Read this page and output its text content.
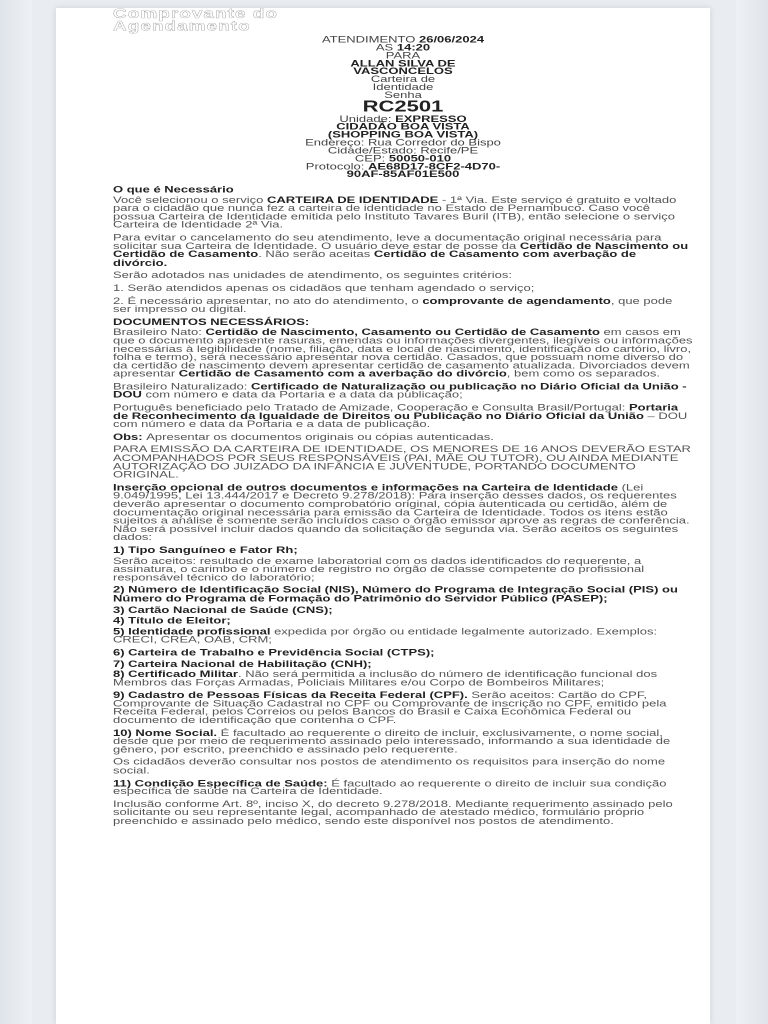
Comprovante do
Agendamento
ATENDIMENTO 26/06/2024
AS 14:20
PARA
ALLAN SILVA DE
VASCONCELOS
Carteira de
Identidade
Senha
RC2501
Unidade: EXPRESSO
CIDADÃO BOA VISTA
(SHOPPING BOA VISTA)
Endereço: Rua Corredor do Bispo
Cidade/Estado: Recife/PE
CEP: 50050-010
Protocolo: AE68D17-8CF2-4D70-
90AF-85AF01E500
O que é Necessário

Você selecionou o serviço CARTEIRA DE IDENTIDADE - 1ª Via. Este serviço é gratuito e voltado para o cidadão que nunca fez a carteira de identidade no Estado de Pernambuco. Caso você possua Carteira de Identidade emitida pelo Instituto Tavares Buril (ITB), então selecione o serviço Carteira de Identidade 2ª Via.

Para evitar o cancelamento do seu atendimento, leve a documentação original necessária para solicitar sua Carteira de Identidade. O usuário deve estar de posse da Certidão de Nascimento ou Certidão de Casamento. Não serão aceitas Certidão de Casamento com averbação de divórcio.

Serão adotados nas unidades de atendimento, os seguintes critérios:

1. Serão atendidos apenas os cidadãos que tenham agendado o serviço;

2. É necessário apresentar, no ato do atendimento, o comprovante de agendamento, que pode ser impresso ou digital.

DOCUMENTOS NECESSÁRIOS:

Brasileiro Nato: Certidão de Nascimento, Casamento ou Certidão de Casamento em casos em que o documento apresente rasuras, emendas ou informações divergentes, ilegíveis ou informações necessárias à legibilidade (nome, filiação, data e local de nascimento, identificação do cartório, livro, folha e termo), será necessário apresentar nova certidão. Casados, que possuam nome diverso do da certidão de nascimento devem apresentar certidão de casamento atualizada. Divorciados devem apresentar Certidão de Casamento com a averbação do divórcio, bem como os separados.

Brasileiro Naturalizado: Certificado de Naturalização ou publicação no Diário Oficial da União - DOU com número e data da Portaria e a data da publicação;

Português beneficiado pelo Tratado de Amizade, Cooperação e Consulta Brasil/Portugal: Portaria de Reconhecimento da Igualdade de Direitos ou Publicação no Diário Oficial da União – DOU com número e data da Portaria e a data de publicação.

Obs: Apresentar os documentos originais ou cópias autenticadas.

PARA EMISSÃO DA CARTEIRA DE IDENTIDADE, OS MENORES DE 16 ANOS DEVERÃO ESTAR ACOMPANHADOS POR SEUS RESPONSÁVEIS (PAI, MÃE OU TUTOR), OU AINDA MEDIANTE AUTORIZAÇÃO DO JUIZADO DA INFÂNCIA E JUVENTUDE, PORTANDO DOCUMENTO ORIGINAL.

Inserção opcional de outros documentos e informações na Carteira de Identidade (Lei 9.049/1995, Lei 13.444/2017 e Decreto 9.278/2018): Para inserção desses dados, os requerentes deverão apresentar o documento comprobatório original, cópia autenticada ou certidão, além de documentação original necessária para emissão da Carteira de Identidade. Todos os itens estão sujeitos a análise e somente serão incluídos caso o órgão emissor aprove as regras de conferência. Não será possível incluir dados quando da solicitação de segunda via. Serão aceitos os seguintes dados:

1) Tipo Sanguíneo e Fator Rh;

Serão aceitos: resultado de exame laboratorial com os dados identificados do requerente, a assinatura, o carimbo e o número de registro no órgão de classe competente do profissional responsável técnico do laboratório;

2) Número de Identificação Social (NIS), Número do Programa de Integração Social (PIS) ou Número do Programa de Formação do Patrimônio do Servidor Público (PASEP);
3) Cartão Nacional de Saúde (CNS);
4) Título de Eleitor;

5) Identidade profissional expedida por órgão ou entidade legalmente autorizado. Exemplos: CRECI, CREA, OAB, CRM;

6) Carteira de Trabalho e Previdência Social (CTPS);
7) Carteira Nacional de Habilitação (CNH);

8) Certificado Militar. Não será permitida a inclusão do número de identificação funcional dos Membros das Forças Armadas, Policiais Militares e/ou Corpo de Bombeiros Militares;

9) Cadastro de Pessoas Físicas da Receita Federal (CPF). Serão aceitos: Cartão do CPF, Comprovante de Situação Cadastral no CPF ou Comprovante de inscrição no CPF, emitido pela Receita Federal, pelos Correios ou pelos Bancos do Brasil e Caixa Econômica Federal ou documento de identificação que contenha o CPF.

10) Nome Social. É facultado ao requerente o direito de incluir, exclusivamente, o nome social, desde que por meio de requerimento assinado pelo interessado, informando a sua identidade de gênero, por escrito, preenchido e assinado pelo requerente.

Os cidadãos deverão consultar nos postos de atendimento os requisitos para inserção do nome social.

11) Condição Específica de Saúde: É facultado ao requerente o direito de incluir sua condição específica de saúde na Carteira de Identidade.

Inclusão conforme Art. 8º, inciso X, do decreto 9.278/2018. Mediante requerimento assinado pelo solicitante ou seu representante legal, acompanhado de atestado médico, formulário próprio preenchido e assinado pelo médico, sendo este disponível nos postos de atendimento.
